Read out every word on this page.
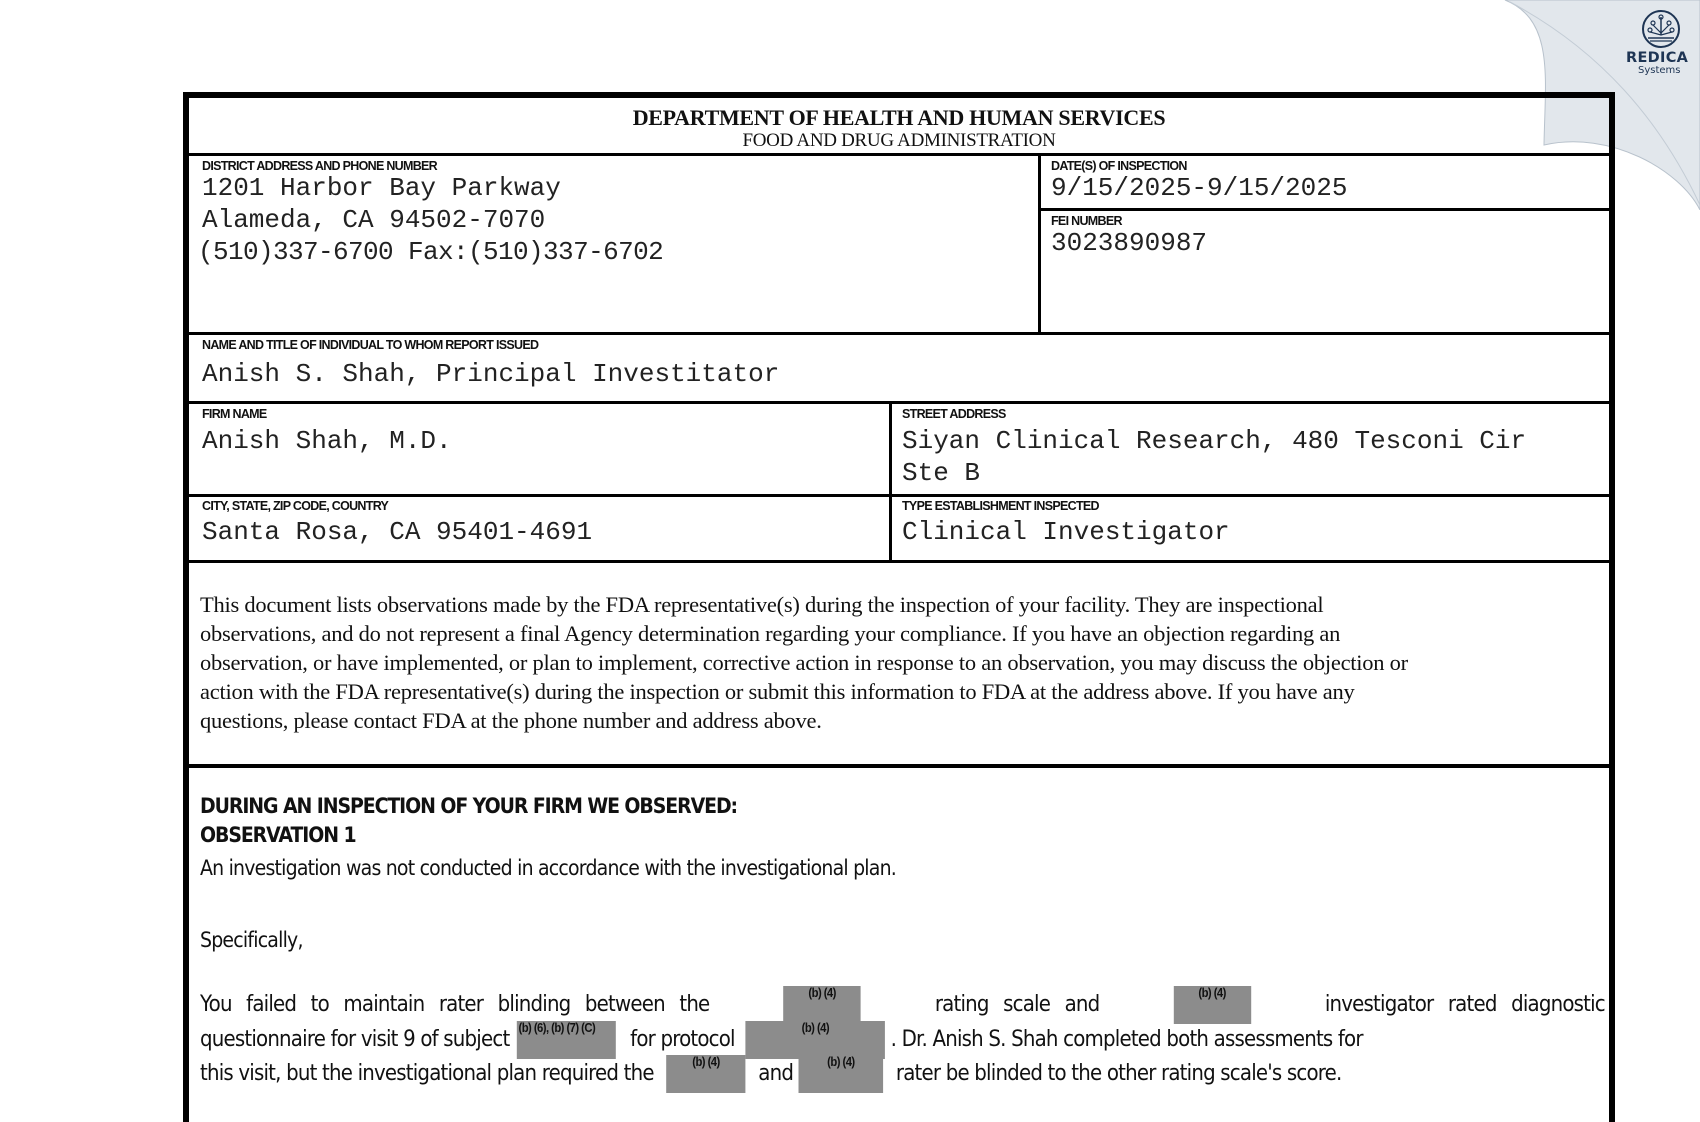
REDICA
Systems
DEPARTMENT OF HEALTH AND HUMAN SERVICES
FOOD AND DRUG ADMINISTRATION
DISTRICT ADDRESS AND PHONE NUMBER
1201 Harbor Bay Parkway
Alameda, CA 94502-7070
(510)337-6700 Fax:(510)337-6702
DATE(S) OF INSPECTION
9/15/2025-9/15/2025
FEI NUMBER
3023890987
NAME AND TITLE OF INDIVIDUAL TO WHOM REPORT ISSUED
Anish S. Shah, Principal Investitator
FIRM NAME
Anish Shah, M.D.
STREET ADDRESS
Siyan Clinical Research, 480 Tesconi Cir
Ste B
CITY, STATE, ZIP CODE, COUNTRY
Santa Rosa, CA 95401-4691
TYPE ESTABLISHMENT INSPECTED
Clinical Investigator
This document lists observations made by the FDA representative(s) during the inspection of your facility. They are inspectional
observations, and do not represent a final Agency determination regarding your compliance. If you have an objection regarding an
observation, or have implemented, or plan to implement, corrective action in response to an observation, you may discuss the objection or
action with the FDA representative(s) during the inspection or submit this information to FDA at the address above. If you have any
questions, please contact FDA at the phone number and address above.
DURING AN INSPECTION OF YOUR FIRM WE OBSERVED:
OBSERVATION 1
An investigation was not conducted in accordance with the investigational plan.
Specifically,
You failed to maintain rater blinding between the	(b) (4)	rating scale and	(b) (4)	investigator rated diagnostic
questionnaire for visit 9 of subject (b) (6), (b) (7) (C)	for protocol	(b) (4)	. Dr. Anish S. Shah completed both assessments for
this visit, but the investigational plan required the	(b) (4)	and	(b) (4)	rater be blinded to the other rating scale's score.
